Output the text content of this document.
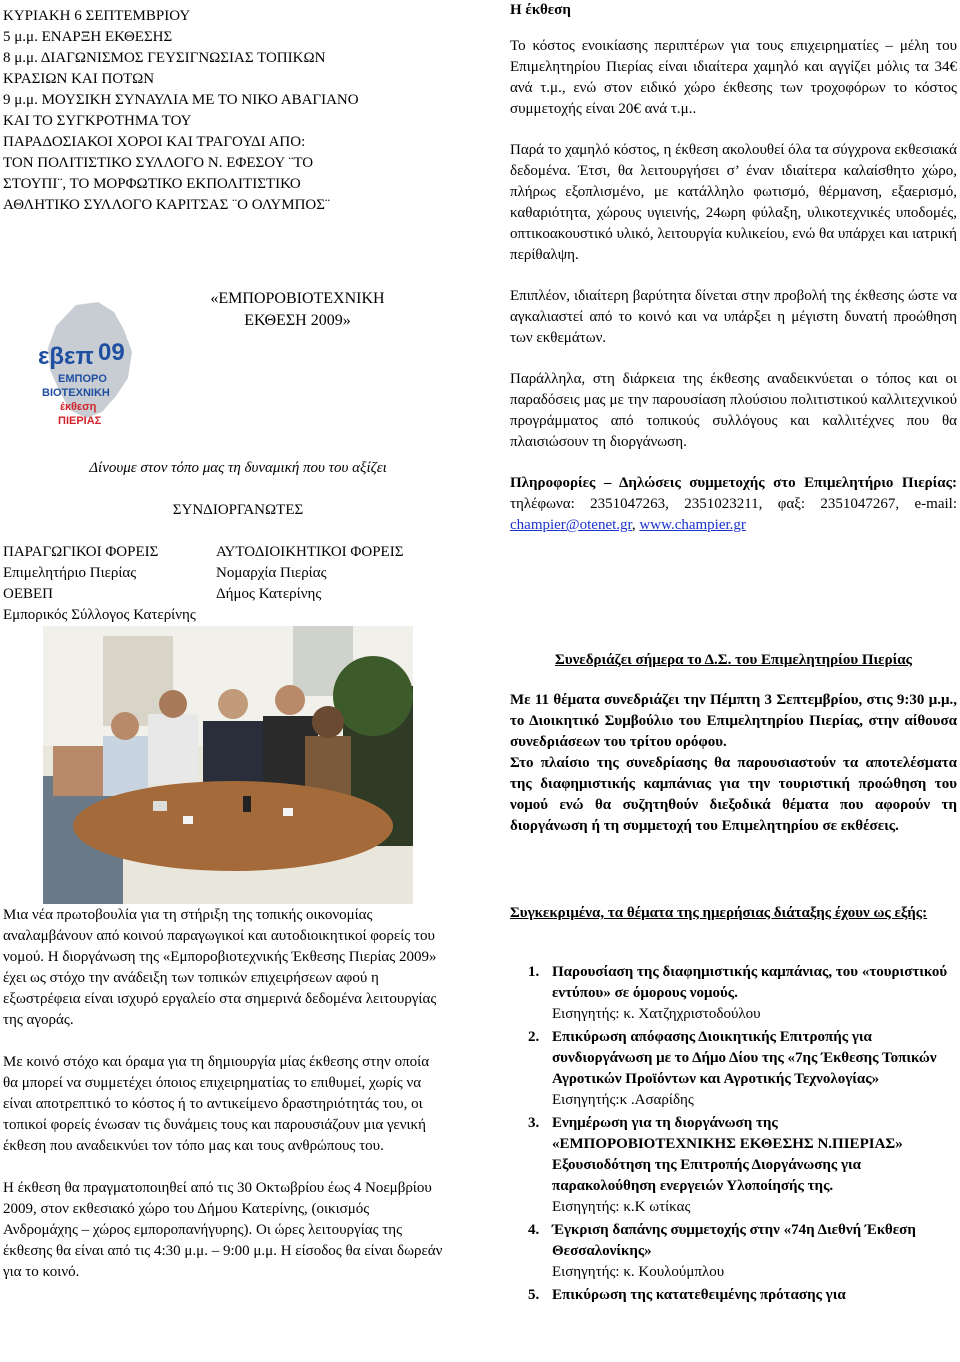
ΚΥΡΙΑΚΗ 6 ΣΕΠΤΕΜΒΡΙΟΥ
5 μ.μ. ΕΝΑΡΞΗ ΕΚΘΕΣΗΣ
8 μ.μ. ΔΙΑΓΩΝΙΣΜΟΣ ΓΕΥΣΙΓΝΩΣΙΑΣ ΤΟΠΙΚΩΝ
ΚΡΑΣΙΩΝ ΚΑΙ ΠΟΤΩΝ
9 μ.μ. ΜΟΥΣΙΚΗ ΣΥΝΑΥΛΙΑ ΜΕ ΤΟ ΝΙΚΟ ΑΒΑΓΙΑΝΟ
ΚΑΙ ΤΟ ΣΥΓΚΡΟΤΗΜΑ ΤΟΥ
ΠΑΡΑΔΟΣΙΑΚΟΙ ΧΟΡΟΙ ΚΑΙ ΤΡΑΓΟΥΔΙ ΑΠΟ:
ΤΟΝ ΠΟΛΙΤΙΣΤΙΚΟ ΣΥΛΛΟΓΟ Ν. ΕΦΕΣΟΥ ¨ΤΟ
ΣΤΟΥΠΙ¨, ΤΟ ΜΟΡΦΩΤΙΚΟ ΕΚΠΟΛΙΤΙΣΤΙΚΟ
ΑΘΛΗΤΙΚΟ ΣΥΛΛΟΓΟ ΚΑΡΙΤΣΑΣ ¨Ο ΟΛΥΜΠΟΣ¨
εβεπ 09
ΕΜΠΟΡΟ
ΒΙΟΤΕΧΝΙΚΗ
έκθεση
ΠΙΕΡΙΑΣ
«ΕΜΠΟΡΟΒΙΟΤΕΧΝΙΚΗ
ΕΚΘΕΣΗ 2009»
Δίνουμε στον τόπο μας τη δυναμική που του αξίζει
ΣΥΝΔΙΟΡΓΑΝΩΤΕΣ
ΠΑΡΑΓΩΓΙΚΟΙ ΦΟΡΕΙΣ	ΑΥΤΟΔΙΟΙΚΗΤΙΚΟΙ ΦΟΡΕΙΣ
Επιμελητήριο Πιερίας	Νομαρχία Πιερίας
ΟΕΒΕΠ	Δήμος Κατερίνης
Εμπορικός Σύλλογος Κατερίνης

Μια νέα πρωτοβουλία για τη στήριξη της τοπικής οικονομίας αναλαμβάνουν από κοινού παραγωγικοί και αυτοδιοικητικοί φορείς του νομού. Η διοργάνωση της «Εμπορoβιοτεχνικής Έκθεσης Πιερίας 2009» έχει ως στόχο την ανάδειξη των τοπικών επιχειρήσεων αφού η εξωστρέφεια είναι ισχυρό εργαλείο στα σημερινά δεδομένα λειτουργίας της αγοράς.

Με κοινό στόχο και όραμα για τη δημιουργία μίας έκθεσης στην οποία θα μπορεί να συμμετέχει όποιος επιχειρηματίας το επιθυμεί, χωρίς να είναι αποτρεπτικό το κόστος ή το αντικείμενο δραστηριότητάς του, οι τοπικοί φορείς ένωσαν τις δυνάμεις τους και παρουσιάζουν μια γενική έκθεση που αναδεικνύει τον τόπο μας και τους ανθρώπους του.

Η έκθεση θα πραγματοποιηθεί από τις 30 Οκτωβρίου έως 4 Νοεμβρίου 2009, στον εκθεσιακό χώρο του Δήμου Κατερίνης, (οικισμός Ανδρομάχης – χώρος εμποροπανήγυρης). Οι ώρες λειτουργίας της έκθεσης θα είναι από τις 4:30 μ.μ. – 9:00 μ.μ. Η είσοδος θα είναι δωρεάν για το κοινό.

Η έκθεση

Το κόστος ενοικίασης περιπτέρων για τους επιχειρηματίες – μέλη του Επιμελητηρίου Πιερίας είναι ιδιαίτερα χαμηλό και αγγίζει μόλις τα 34€ ανά τ.μ., ενώ στον ειδικό χώρο έκθεσης των τροχοφόρων το κόστος συμμετοχής είναι 20€ ανά τ.μ..

Παρά το χαμηλό κόστος, η έκθεση ακολουθεί όλα τα σύγχρονα εκθεσιακά δεδομένα. Έτσι, θα λειτουργήσει σ’ έναν ιδιαίτερα καλαίσθητο χώρο, πλήρως εξοπλισμένο, με κατάλληλο φωτισμό, θέρμανση, εξαερισμό, καθαριότητα, χώρους υγιεινής, 24ωρη φύλαξη, υλικοτεχνικές υποδομές, οπτικοακουστικό υλικό, λειτουργία κυλικείου, ενώ θα υπάρχει και ιατρική περίθαλψη.

Επιπλέον, ιδιαίτερη βαρύτητα δίνεται στην προβολή της έκθεσης ώστε να αγκαλιαστεί από το κοινό και να υπάρξει η μέγιστη δυνατή προώθηση των εκθεμάτων.

Παράλληλα, στη διάρκεια της έκθεσης αναδεικνύεται ο τόπος και οι παραδόσεις μας με την παρουσίαση πλούσιου πολιτιστικού καλλιτεχνικού προγράμματος από τοπικούς συλλόγους και καλλιτέχνες που θα πλαισιώσουν τη διοργάνωση.

Πληροφορίες – Δηλώσεις συμμετοχής στο Επιμελητήριο Πιερίας: τηλέφωνα: 2351047263, 2351023211, φαξ: 2351047267, e-mail: champier@otenet.gr, www.champier.gr

Συνεδριάζει σήμερα το Δ.Σ. του Επιμελητηρίου Πιερίας
Με 11 θέματα συνεδριάζει την Πέμπτη 3 Σεπτεμβρίου, στις 9:30 μ.μ., το Διοικητικό Συμβούλιο του Επιμελητηρίου Πιερίας, στην αίθουσα συνεδριάσεων του τρίτου ορόφου.
Στο πλαίσιο της συνεδρίασης θα παρουσιαστούν τα αποτελέσματα της διαφημιστικής καμπάνιας για την τουριστική προώθηση του νομού ενώ θα συζητηθούν διεξοδικά θέματα που αφορούν τη διοργάνωση ή τη συμμετοχή του Επιμελητηρίου σε εκθέσεις.
Συγκεκριμένα, τα θέματα της ημερήσιας διάταξης έχουν ως εξής:
1. Παρουσίαση της διαφημιστικής καμπάνιας, του «τουριστικού εντύπου» σε όμορους νομούς.
Εισηγητής: κ. Χατζηχριστοδούλου
2. Επικύρωση απόφασης Διοικητικής Επιτροπής για συνδιοργάνωση με το Δήμο Δίου της «7ης Έκθεσης Τοπικών Αγροτικών Προϊόντων και Αγροτικής Τεχνολογίας»
Εισηγητής:κ .Ασαρίδης
3. Ενημέρωση για τη διοργάνωση της «ΕΜΠΟΡΟΒΙΟΤΕΧΝΙΚΗΣ ΕΚΘΕΣΗΣ Ν.ΠΙΕΡΙΑΣ» Εξουσιοδότηση της Επιτροπής Διοργάνωσης για παρακολούθηση ενεργειών Υλοποίησής της.
Εισηγητής: κ.Κ ωτίκας
4. Έγκριση δαπάνης συμμετοχής στην «74η Διεθνή Έκθεση Θεσσαλονίκης»
Εισηγητής: κ. Κουλούμπλου
5. Επικύρωση της κατατεθειμένης πρότασης για
